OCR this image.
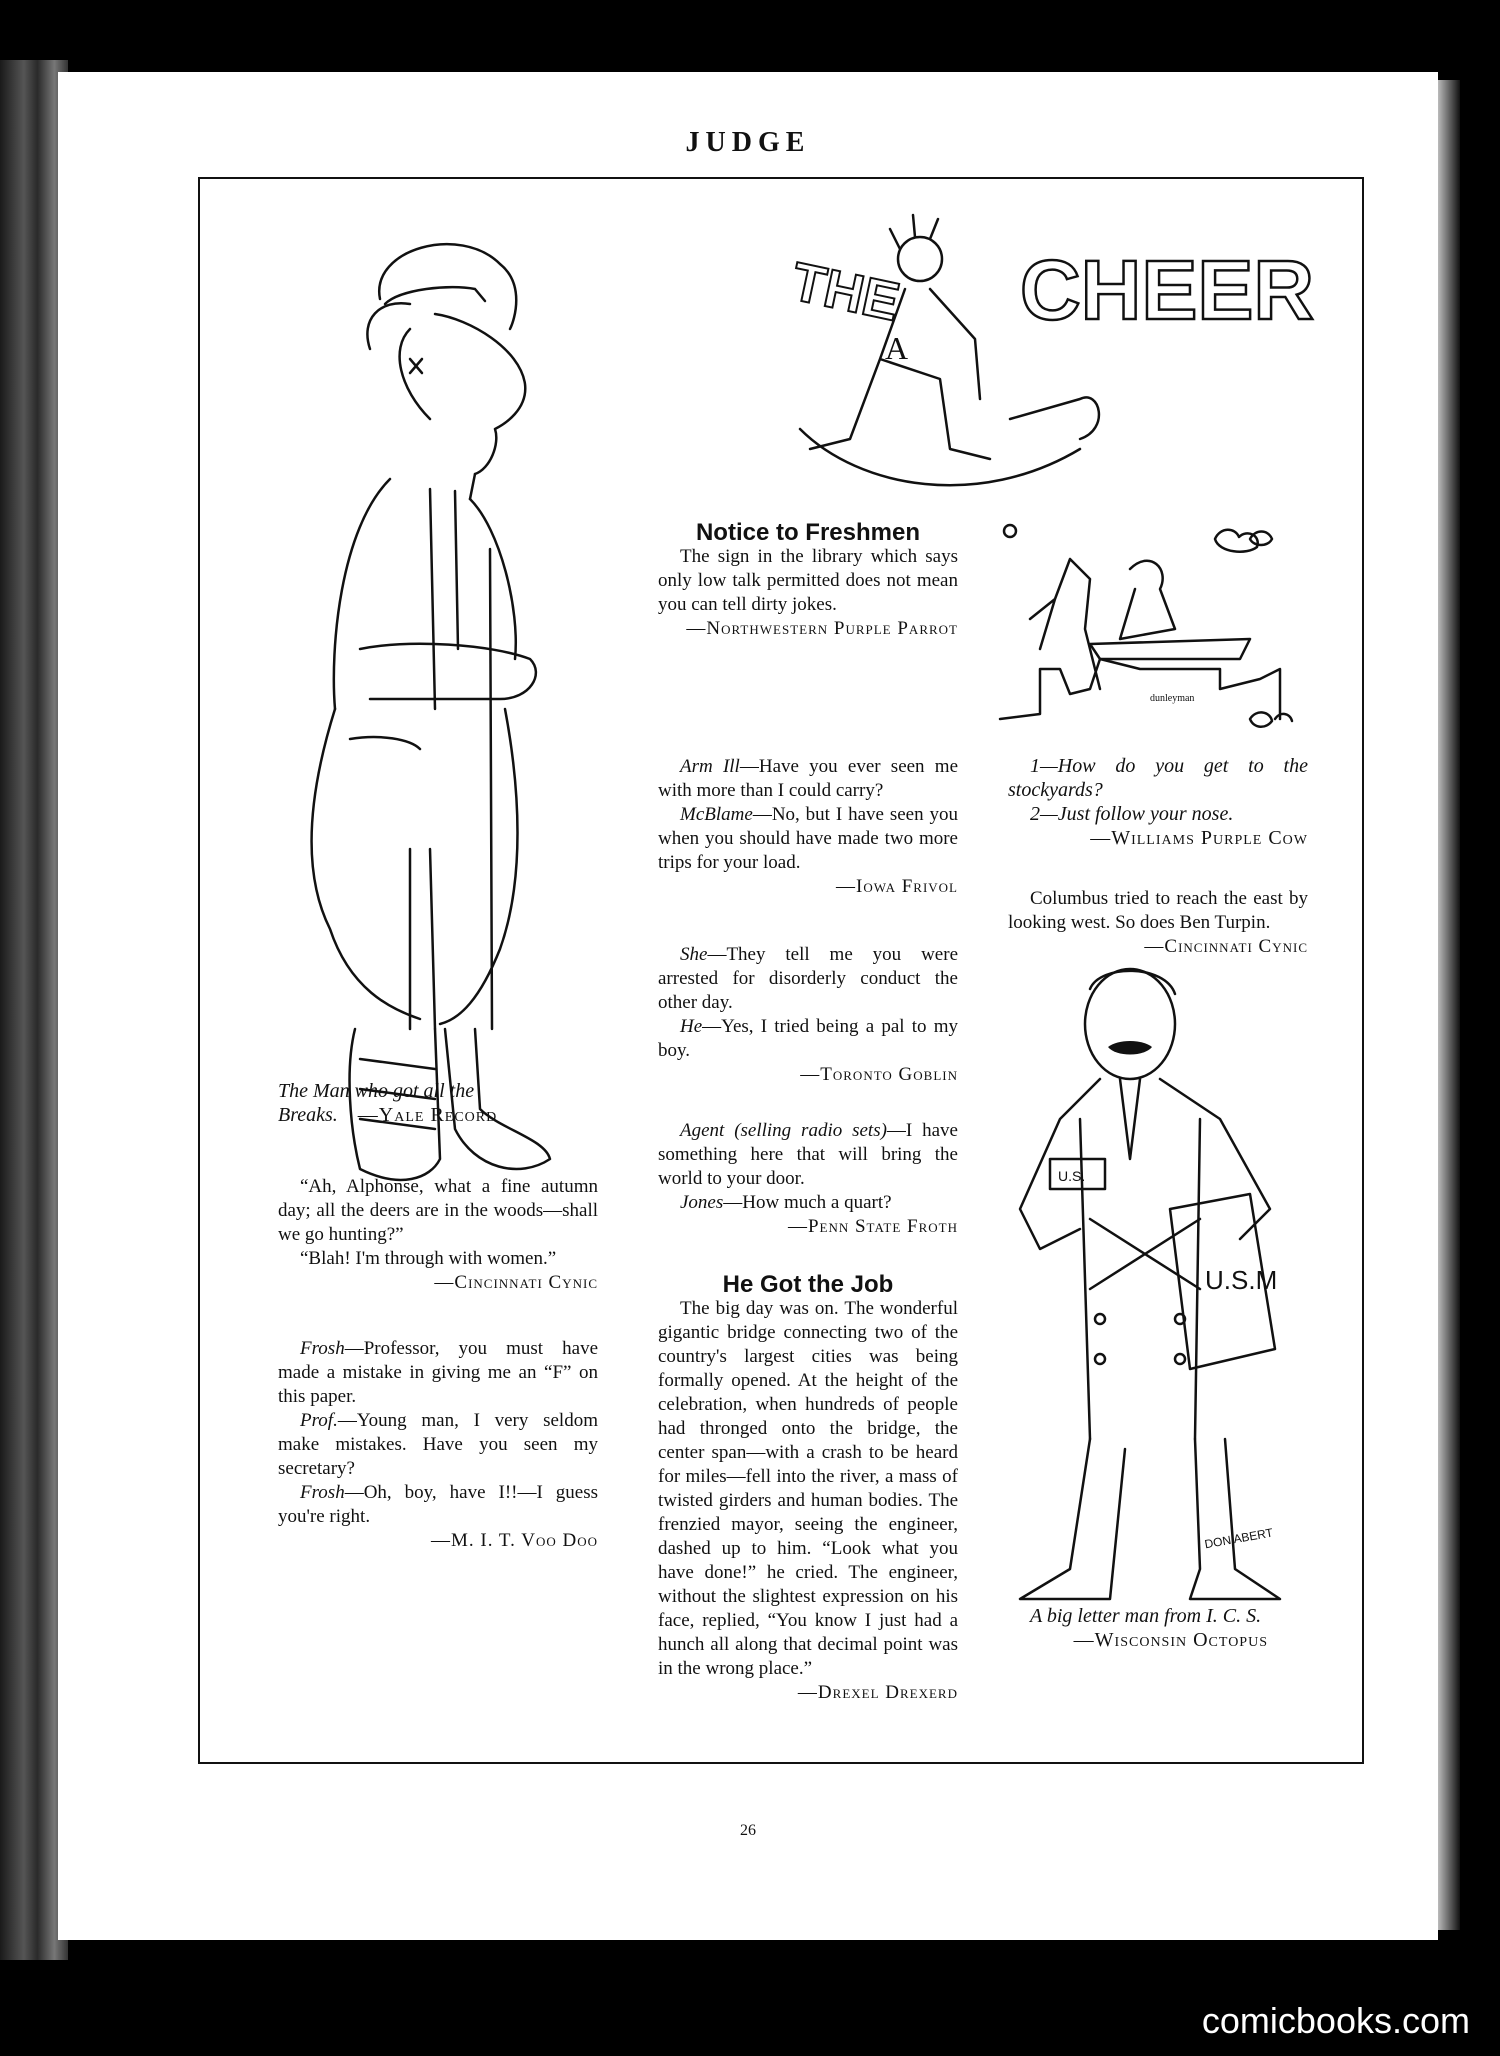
JUDGE

The Man who got all the

Breaks. —Yale Record

“Ah, Alphonse, what a fine autumn day; all the deers are in the woods—shall we go hunting?”

“Blah! I'm through with women.”

—Cincinnati Cynic

Frosh—Professor, you must have made a mistake in giving me an “F” on this paper.

Prof.—Young man, I very seldom make mistakes. Have you seen my secretary?

Frosh—Oh, boy, have I!!—I guess you're right.

—M. I. T. Voo Doo

THE CHEER
A

Notice to Freshmen

The sign in the library which says only low talk permitted does not mean you can tell dirty jokes.

—Northwestern Purple Parrot

Arm Ill—Have you ever seen me with more than I could carry?

McBlame—No, but I have seen you when you should have made two more trips for your load.

—Iowa Frivol

She—They tell me you were arrested for disorderly conduct the other day.

He—Yes, I tried being a pal to my boy.

—Toronto Goblin

Agent (selling radio sets)—I have something here that will bring the world to your door.

Jones—How much a quart?

—Penn State Froth

He Got the Job

The big day was on. The wonderful gigantic bridge connecting two of the country's largest cities was being formally opened. At the height of the celebration, when hundreds of people had thronged onto the bridge, the center span—with a crash to be heard for miles—fell into the river, a mass of twisted girders and human bodies. The frenzied mayor, seeing the engineer, dashed up to him. “Look what you have done!” he cried. The engineer, without the slightest expression on his face, replied, “You know I just had a hunch all along that decimal point was in the wrong place.”

—Drexel Drexerd

dunleyman

1—How do you get to the stockyards?

2—Just follow your nose.

—Williams Purple Cow

Columbus tried to reach the east by looking west. So does Ben Turpin.

—Cincinnati Cynic

U.S.M
U.S.
DON ABERT

A big letter man from I. C. S.

—Wisconsin Octopus

26
comicbooks.com
